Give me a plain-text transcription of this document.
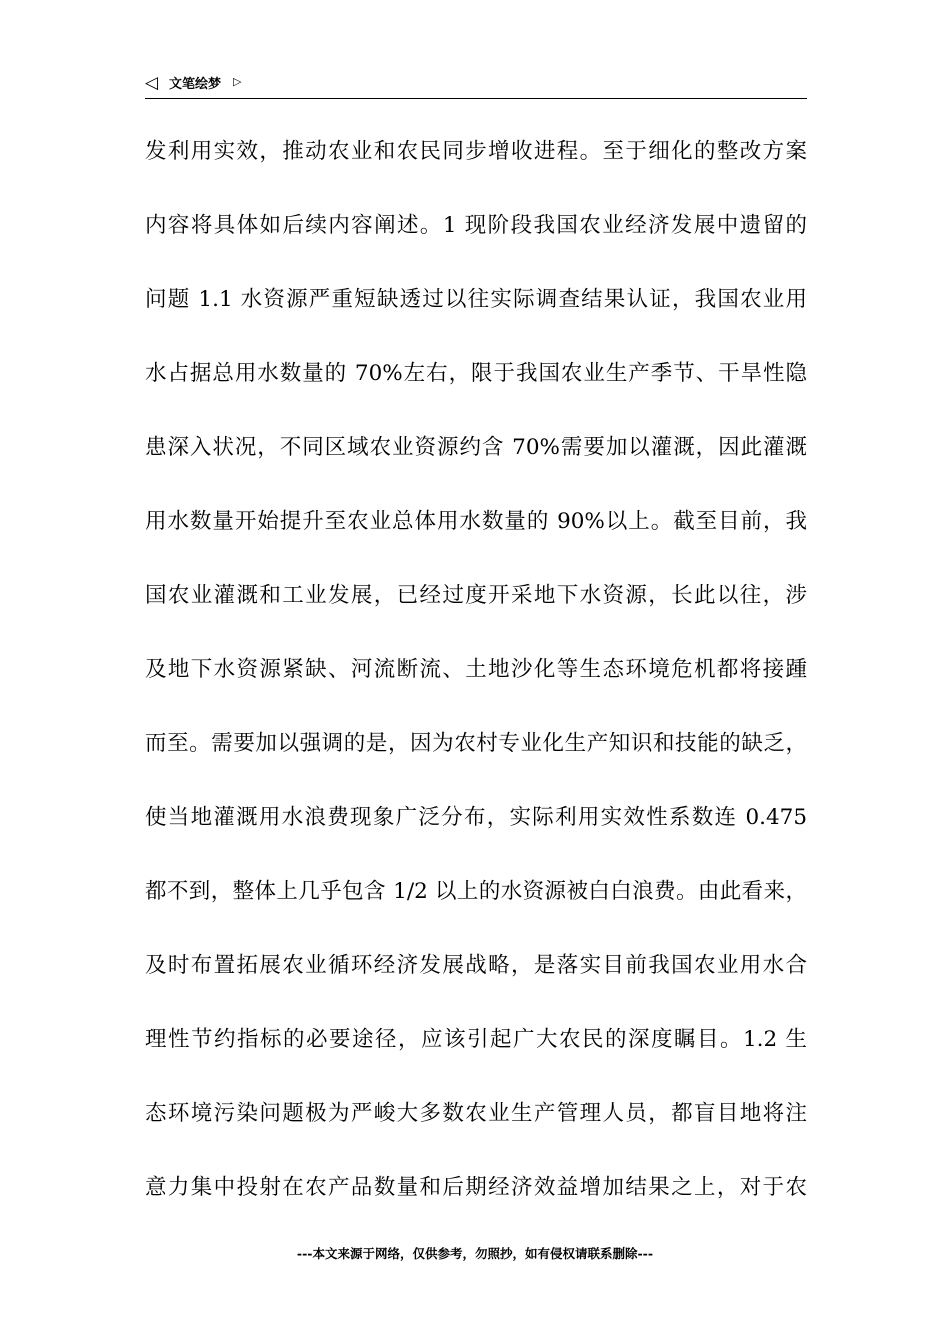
◁ 文笔绘梦 ▷
发利用实效，推动农业和农民同步增收进程。至于细化的整改方案
内容将具体如后续内容阐述。1 现阶段我国农业经济发展中遗留的
问题 1.1 水资源严重短缺透过以往实际调查结果认证，我国农业用
水占据总用水数量的 70%左右，限于我国农业生产季节、干旱性隐
患深入状况，不同区域农业资源约含 70%需要加以灌溉，因此灌溉
用水数量开始提升至农业总体用水数量的 90%以上。截至目前，我
国农业灌溉和工业发展，已经过度开采地下水资源，长此以往，涉
及地下水资源紧缺、河流断流、土地沙化等生态环境危机都将接踵
而至。需要加以强调的是，因为农村专业化生产知识和技能的缺乏，
使当地灌溉用水浪费现象广泛分布，实际利用实效性系数连 0.475
都不到，整体上几乎包含 1/2 以上的水资源被白白浪费。由此看来，
及时布置拓展农业循环经济发展战略，是落实目前我国农业用水合
理性节约指标的必要途径，应该引起广大农民的深度瞩目。1.2 生
态环境污染问题极为严峻大多数农业生产管理人员，都盲目地将注
意力集中投射在农产品数量和后期经济效益增加结果之上，对于农
---本文来源于网络，仅供参考，勿照抄，如有侵权请联系删除---
